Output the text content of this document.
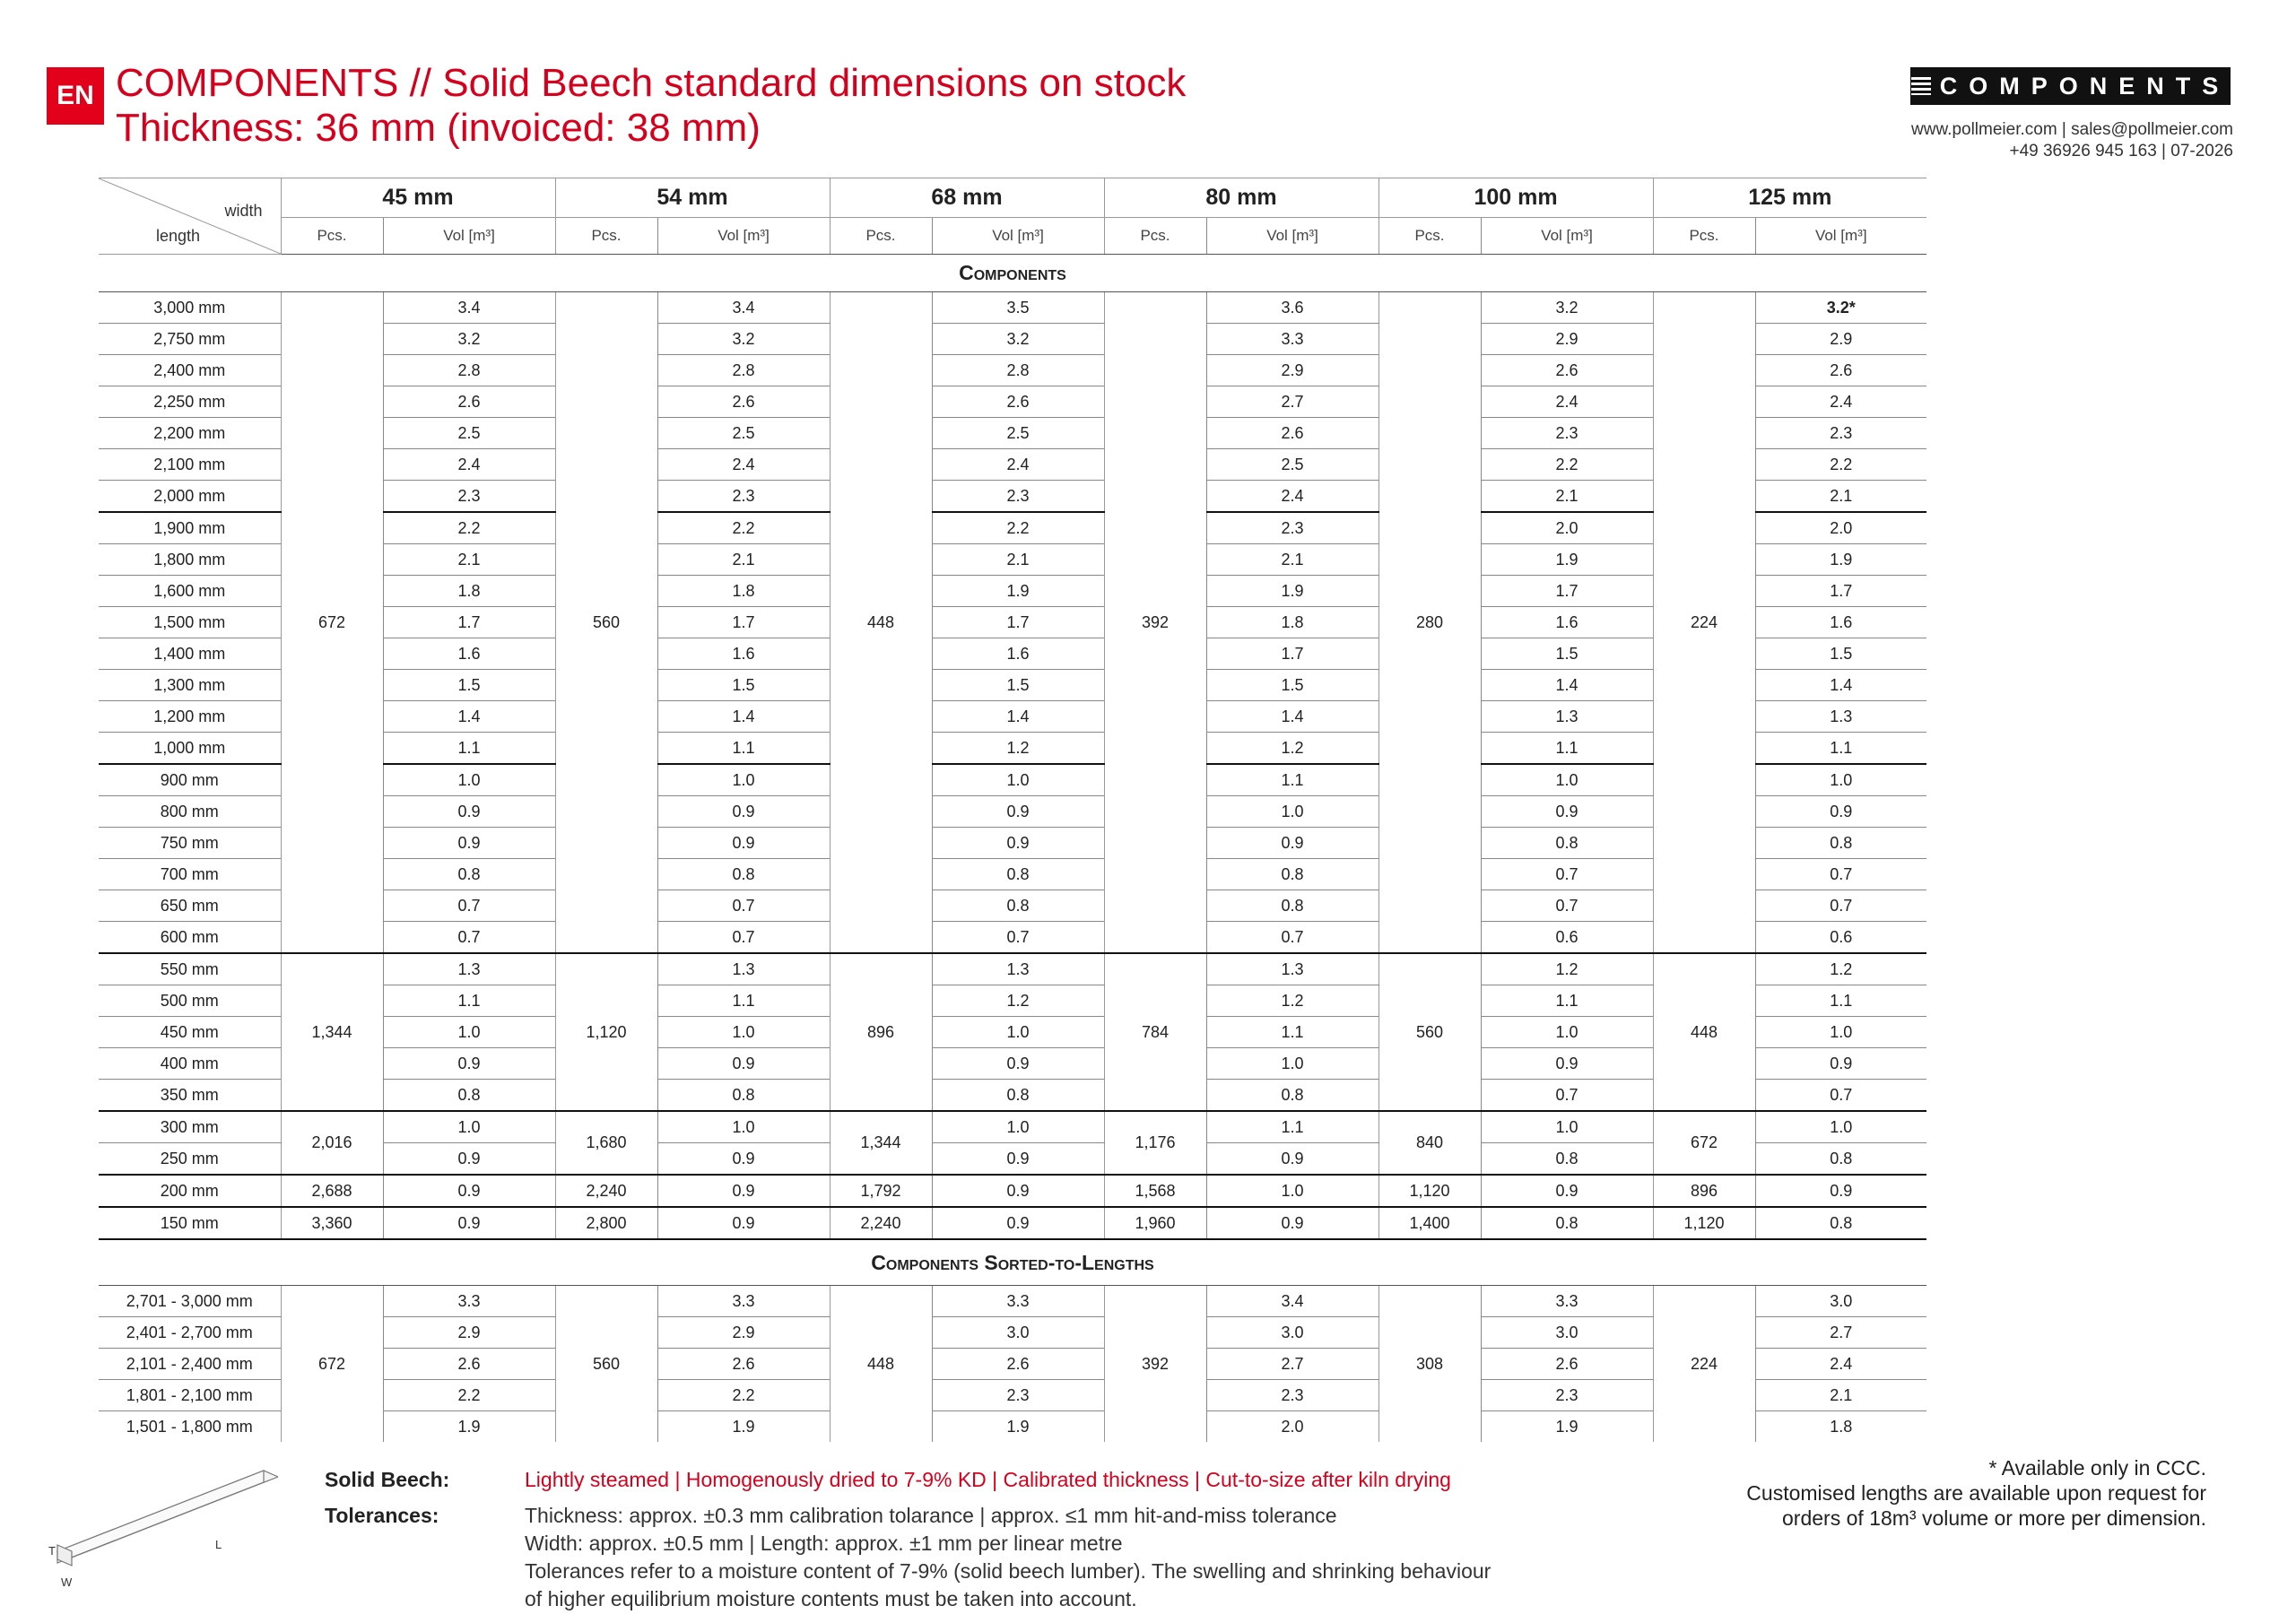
EN COMPONENTS // Solid Beech standard dimensions on stock
Thickness: 36 mm (invoiced: 38 mm)
COMPONENTS
www.pollmeier.com | sales@pollmeier.com
+49 36926 945 163 | 07-2026
width
length	45 mm		54 mm		68 mm		80 mm		100 mm		125 mm	
	Pcs.	Vol [m³]	Pcs.	Vol [m³]	Pcs.	Vol [m³]	Pcs.	Vol [m³]	Pcs.	Vol [m³]	Pcs.	Vol [m³]
Components												
3,000 mm	672	3.4	560	3.4	448	3.5	392	3.6	280	3.2	224	3.2*
2,750 mm		3.2		3.2		3.2		3.3		2.9		2.9
2,400 mm		2.8		2.8		2.8		2.9		2.6		2.6
2,250 mm		2.6		2.6		2.6		2.7		2.4		2.4
2,200 mm		2.5		2.5		2.5		2.6		2.3		2.3
2,100 mm		2.4		2.4		2.4		2.5		2.2		2.2
2,000 mm		2.3		2.3		2.3		2.4		2.1		2.1
1,900 mm		2.2		2.2		2.2		2.3		2.0		2.0
1,800 mm		2.1		2.1		2.1		2.1		1.9		1.9
1,600 mm		1.8		1.8		1.9		1.9		1.7		1.7
1,500 mm		1.7		1.7		1.7		1.8		1.6		1.6
1,400 mm		1.6		1.6		1.6		1.7		1.5		1.5
1,300 mm		1.5		1.5		1.5		1.5		1.4		1.4
1,200 mm		1.4		1.4		1.4		1.4		1.3		1.3
1,000 mm		1.1		1.1		1.2		1.2		1.1		1.1
900 mm		1.0		1.0		1.0		1.1		1.0		1.0
800 mm		0.9		0.9		0.9		1.0		0.9		0.9
750 mm		0.9		0.9		0.9		0.9		0.8		0.8
700 mm		0.8		0.8		0.8		0.8		0.7		0.7
650 mm		0.7		0.7		0.8		0.8		0.7		0.7
600 mm		0.7		0.7		0.7		0.7		0.6		0.6
550 mm	1,344	1.3	1,120	1.3	896	1.3	784	1.3	560	1.2	448	1.2
500 mm		1.1		1.1		1.2		1.2		1.1		1.1
450 mm		1.0		1.0		1.0		1.1		1.0		1.0
400 mm		0.9		0.9		0.9		1.0		0.9		0.9
350 mm		0.8		0.8		0.8		0.8		0.7		0.7
300 mm	2,016	1.0	1,680	1.0	1,344	1.0	1,176	1.1	840	1.0	672	1.0
250 mm		0.9		0.9		0.9		0.9		0.8		0.8
200 mm	2,688	0.9	2,240	0.9	1,792	0.9	1,568	1.0	1,120	0.9	896	0.9
150 mm	3,360	0.9	2,800	0.9	2,240	0.9	1,960	0.9	1,400	0.8	1,120	0.8
Components Sorted-to-Lengths												
2,701 - 3,000 mm	672	3.3	560	3.3	448	3.3	392	3.4	308	3.3	224	3.0
2,401 - 2,700 mm		2.9		2.9		3.0		3.0		3.0		2.7
2,101 - 2,400 mm		2.6		2.6		2.6		2.7		2.6		2.4
1,801 - 2,100 mm		2.2		2.2		2.3		2.3		2.3		2.1
1,501 - 1,800 mm		1.9		1.9		1.9		2.0		1.9		1.8
T
W
L
Solid Beech:	Lightly steamed | Homogenously dried to 7-9% KD | Calibrated thickness | Cut-to-size after kiln drying
Tolerances:	Thickness: approx. ±0.3 mm calibration tolarance | approx. ≤1 mm hit-and-miss tolerance
Width: approx. ±0.5 mm | Length: approx. ±1 mm per linear metre
Tolerances refer to a moisture content of 7-9% (solid beech lumber). The swelling and shrinking behaviour
of higher equilibrium moisture contents must be taken into account.
* Available only in CCC.
Customised lengths are available upon request for
orders of 18m³ volume or more per dimension.
